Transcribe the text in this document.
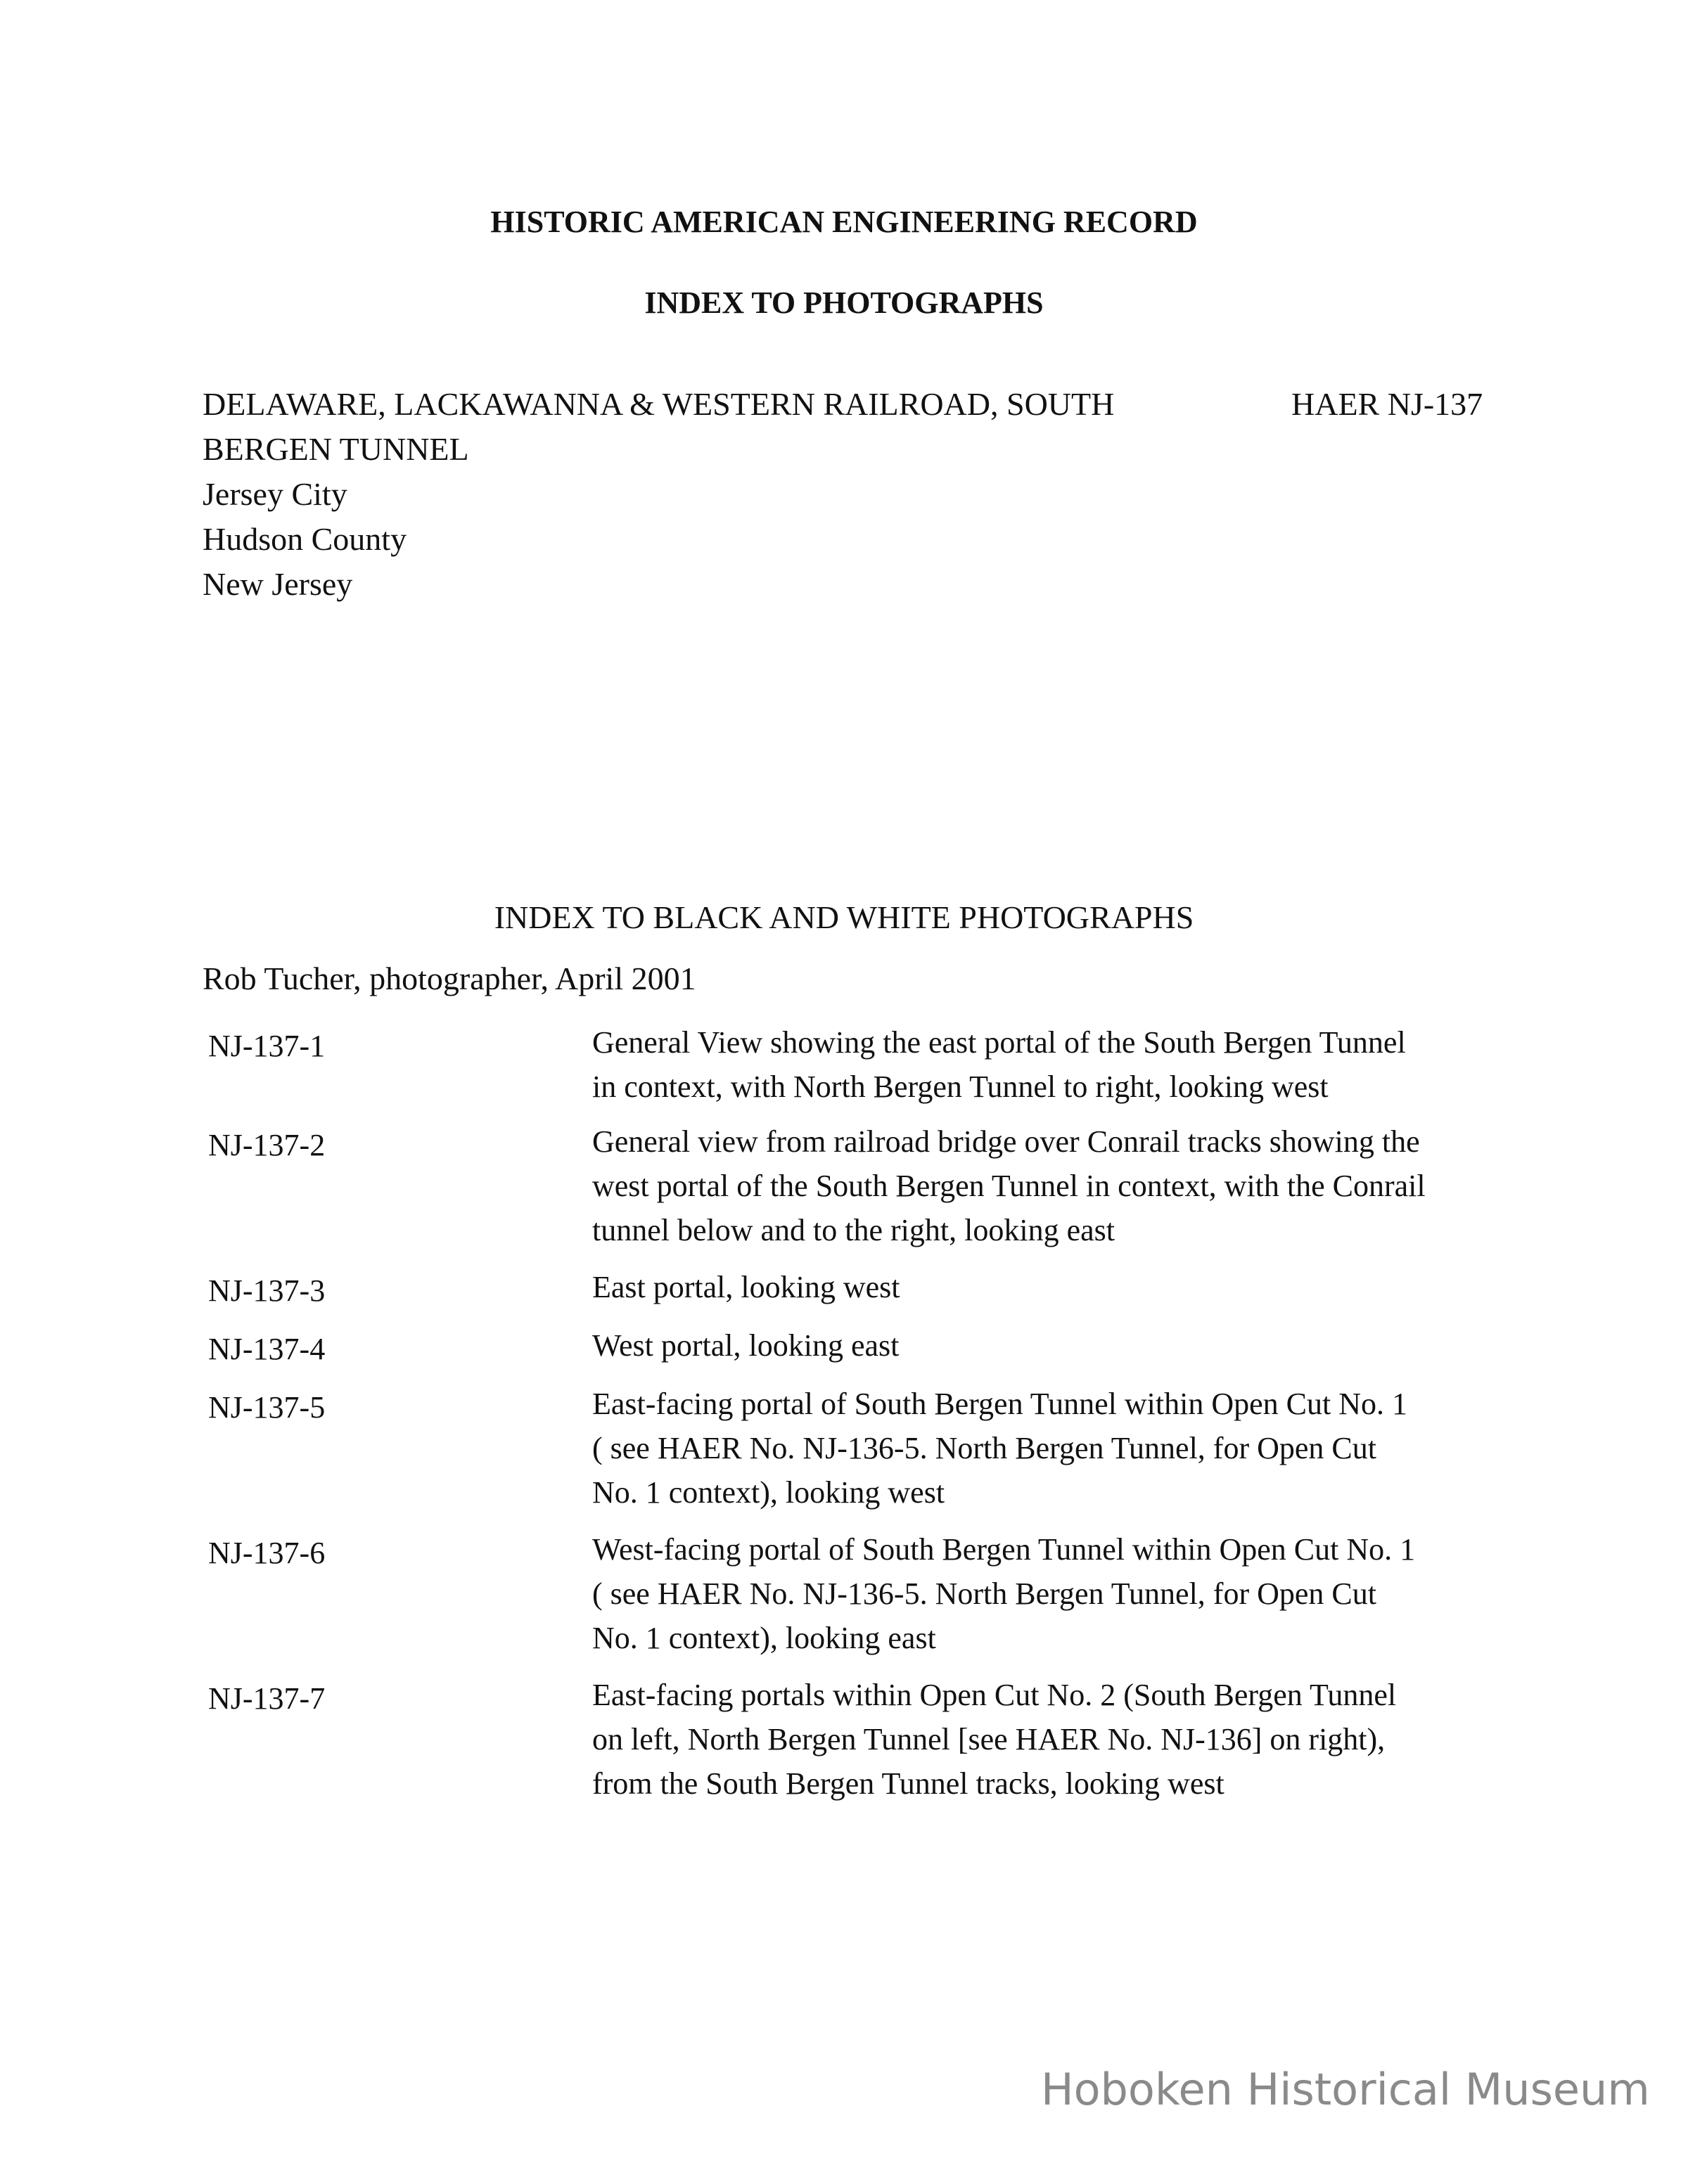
HISTORIC AMERICAN ENGINEERING RECORD
INDEX TO PHOTOGRAPHS
DELAWARE, LACKAWANNA & WESTERN RAILROAD, SOUTH	HAER NJ-137
BERGEN TUNNEL
Jersey City
Hudson County
New Jersey
INDEX TO BLACK AND WHITE PHOTOGRAPHS
Rob Tucher, photographer, April 2001
NJ-137-1	General View showing the east portal of the South Bergen Tunnel
in context, with North Bergen Tunnel to right, looking west
NJ-137-2	General view from railroad bridge over Conrail tracks showing the
west portal of the South Bergen Tunnel in context, with the Conrail
tunnel below and to the right, looking east
NJ-137-3	East portal, looking west
NJ-137-4	West portal, looking east
NJ-137-5	East-facing portal of South Bergen Tunnel within Open Cut No. 1
( see HAER No. NJ-136-5. North Bergen Tunnel, for Open Cut
No. 1 context), looking west
NJ-137-6	West-facing portal of South Bergen Tunnel within Open Cut No. 1
( see HAER No. NJ-136-5. North Bergen Tunnel, for Open Cut
No. 1 context), looking east
NJ-137-7	East-facing portals within Open Cut No. 2 (South Bergen Tunnel
on left, North Bergen Tunnel [see HAER No. NJ-136] on right),
from the South Bergen Tunnel tracks, looking west
Hoboken Historical Museum
